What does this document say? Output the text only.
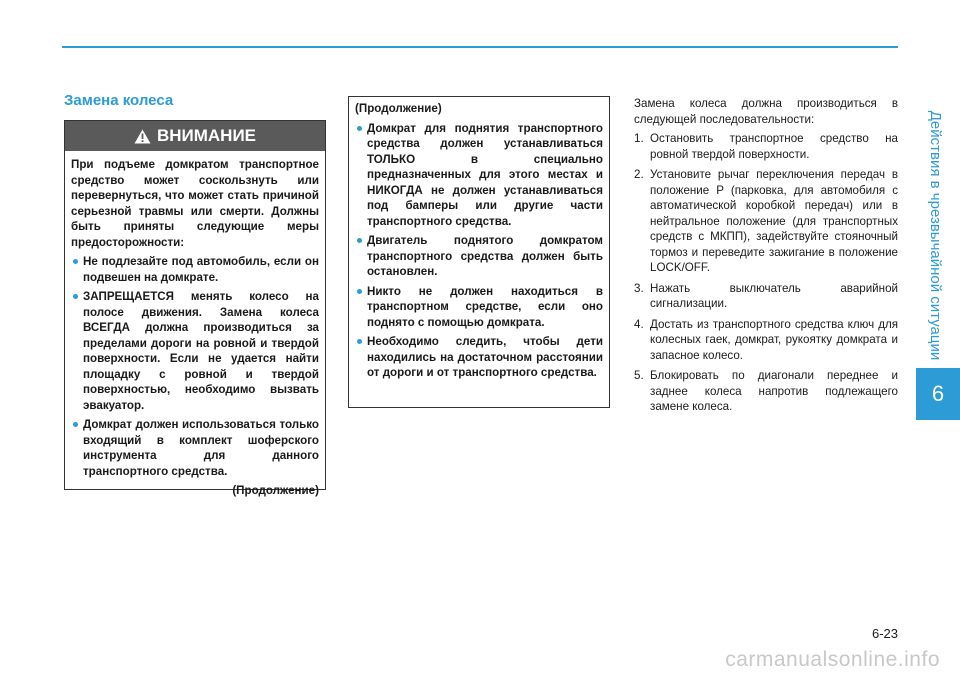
Действия в чрезвычайной ситуации
6
Замена колеса
ВНИМАНИЕ

При подъеме домкратом транспортное средство может соскользнуть или перевернуться, что может стать причиной серьезной травмы или смерти. Должны быть приняты следующие меры предосторожности:

Не подлезайте под автомобиль, если он подвешен на домкрате.
ЗАПРЕЩАЕТСЯ менять колесо на полосе движения. Замена колеса ВСЕГДА должна производиться за пределами дороги на ровной и твердой поверхности. Если не удается найти площадку с ровной и твердой поверхностью, необходимо вызвать эвакуатор.
Домкрат должен использоваться только входящий в комплект шоферского инструмента для данного транспортного средства.
(Продолжение)
(Продолжение)
Домкрат для поднятия транспортного средства должен устанавливаться ТОЛЬКО в специально предназначенных для этого местах и НИКОГДА не должен устанавливаться под бамперы или другие части транспортного средства.
Двигатель поднятого домкратом транспортного средства должен быть остановлен.
Никто не должен находиться в транспортном средстве, если оно поднято с помощью домкрата.
Необходимо следить, чтобы дети находились на достаточном расстоянии от дороги и от транспортного средства.

Замена колеса должна производиться в следующей последовательности:

1. Остановить транспортное средство на ровной твердой поверхности.
2. Установите рычаг переключения передач в положение P (парковка, для автомобиля с автоматической коробкой передач) или в нейтральное положение (для транспортных средств с МКПП), задействуйте стояночный тормоз и переведите зажигание в положение LOCK/OFF.
3. Нажать выключатель аварийной сигнализации.
4. Достать из транспортного средства ключ для колесных гаек, домкрат, рукоятку домкрата и запасное колесо.
5. Блокировать по диагонали переднее и заднее колеса напротив подлежащего замене колеса.
6-23
carmanualsonline.info
